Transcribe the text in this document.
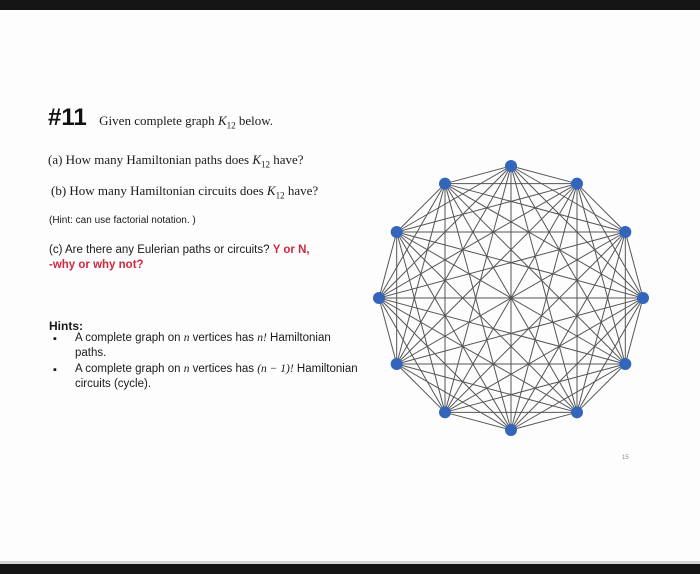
#11 Given complete graph $K_{12}$ below.
(a) How many Hamiltonian paths does $K_{12}$ have?
(b) How many Hamiltonian circuits does $K_{12}$ have?
(Hint: can use factorial notation. )
(c) Are there any Eulerian paths or circuits? Y or N,
-why or why not?
Hints:
▪ A complete graph on n vertices has n! Hamiltonian paths.
▪ A complete graph on n vertices has (n − 1)! Hamiltonian circuits (cycle).
15
